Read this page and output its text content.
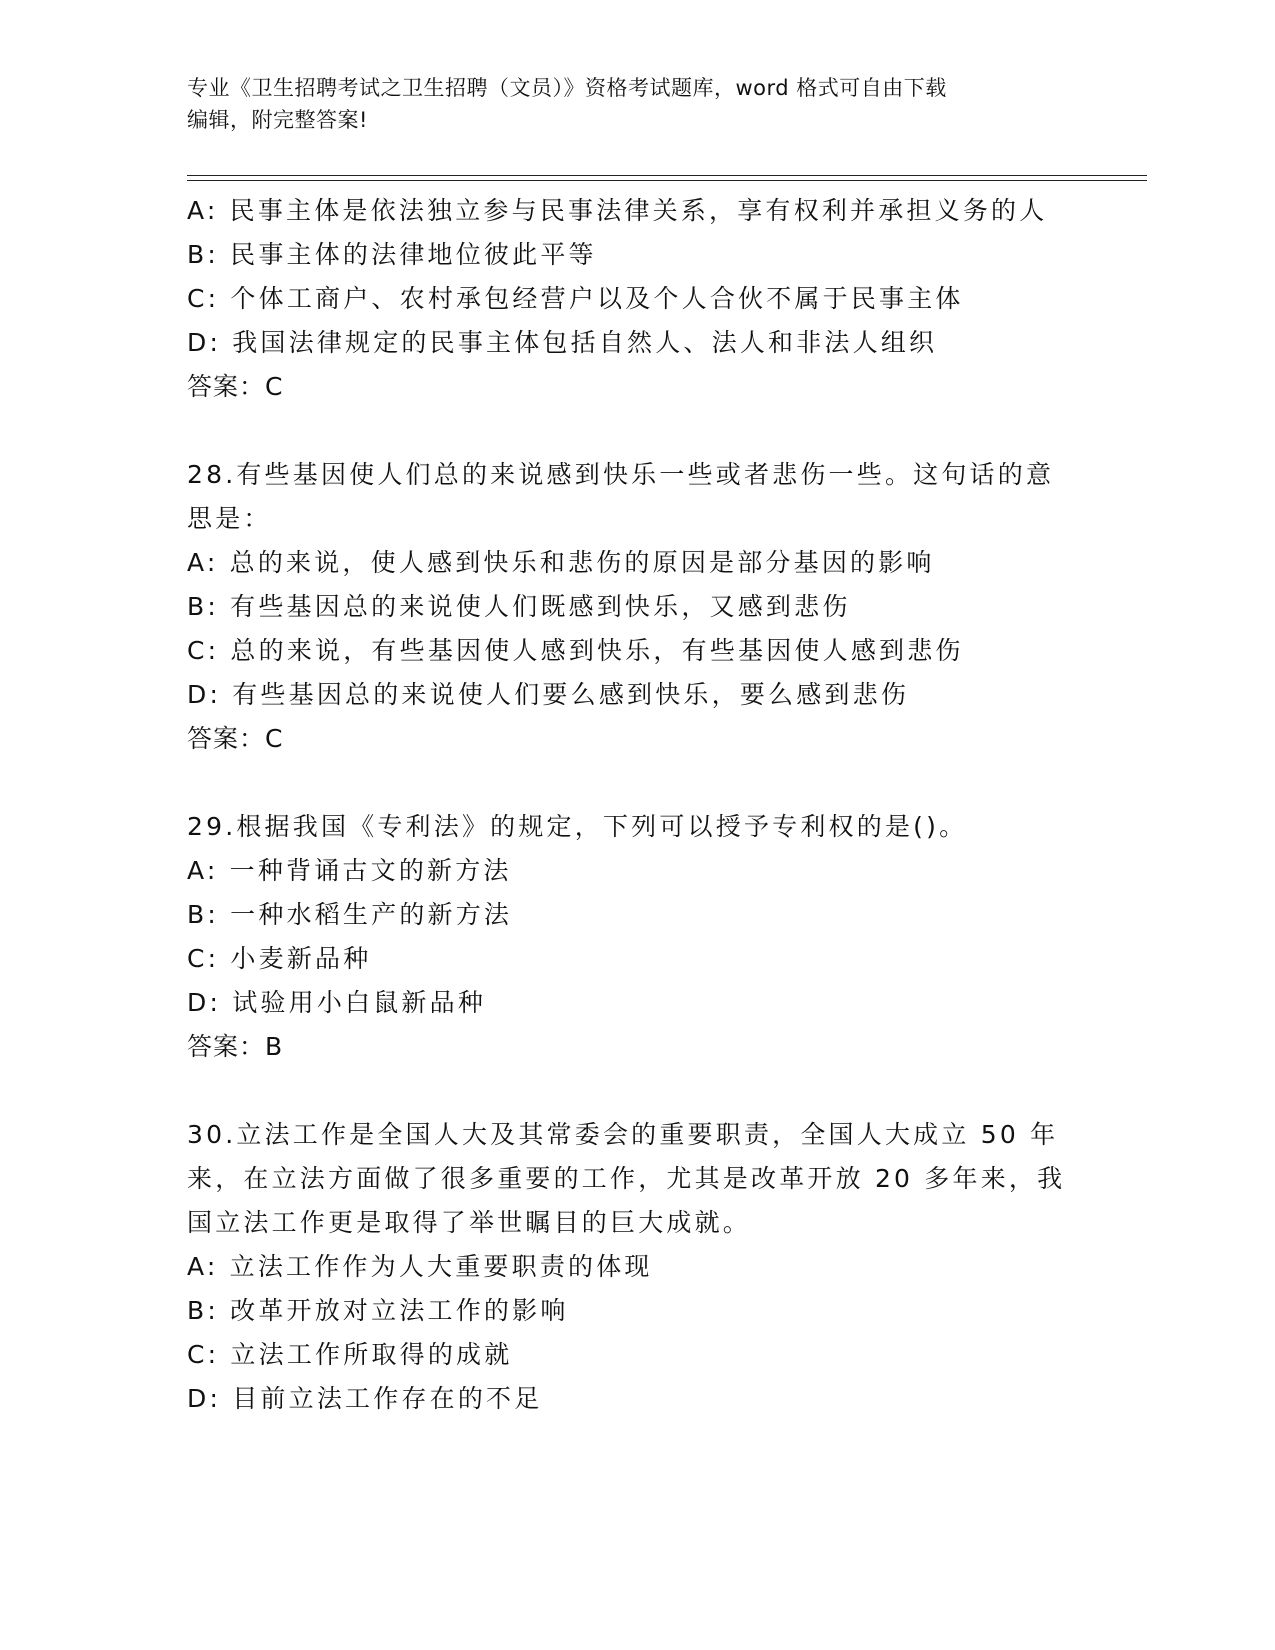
专业《卫生招聘考试之卫生招聘（文员）》资格考试题库，word 格式可自由下载
编辑，附完整答案!
A: 民事主体是依法独立参与民事法律关系，享有权利并承担义务的人
B: 民事主体的法律地位彼此平等
C: 个体工商户、农村承包经营户以及个人合伙不属于民事主体
D: 我国法律规定的民事主体包括自然人、法人和非法人组织
答案：C
28.有些基因使人们总的来说感到快乐一些或者悲伤一些。这句话的意
思是：
A: 总的来说，使人感到快乐和悲伤的原因是部分基因的影响
B: 有些基因总的来说使人们既感到快乐，又感到悲伤
C: 总的来说，有些基因使人感到快乐，有些基因使人感到悲伤
D: 有些基因总的来说使人们要么感到快乐，要么感到悲伤
答案：C
29.根据我国《专利法》的规定，下列可以授予专利权的是()。
A: 一种背诵古文的新方法
B: 一种水稻生产的新方法
C: 小麦新品种
D: 试验用小白鼠新品种
答案：B
30.立法工作是全国人大及其常委会的重要职责，全国人大成立 50 年
来，在立法方面做了很多重要的工作，尤其是改革开放 20 多年来，我
国立法工作更是取得了举世瞩目的巨大成就。
A: 立法工作作为人大重要职责的体现
B: 改革开放对立法工作的影响
C: 立法工作所取得的成就
D: 目前立法工作存在的不足
